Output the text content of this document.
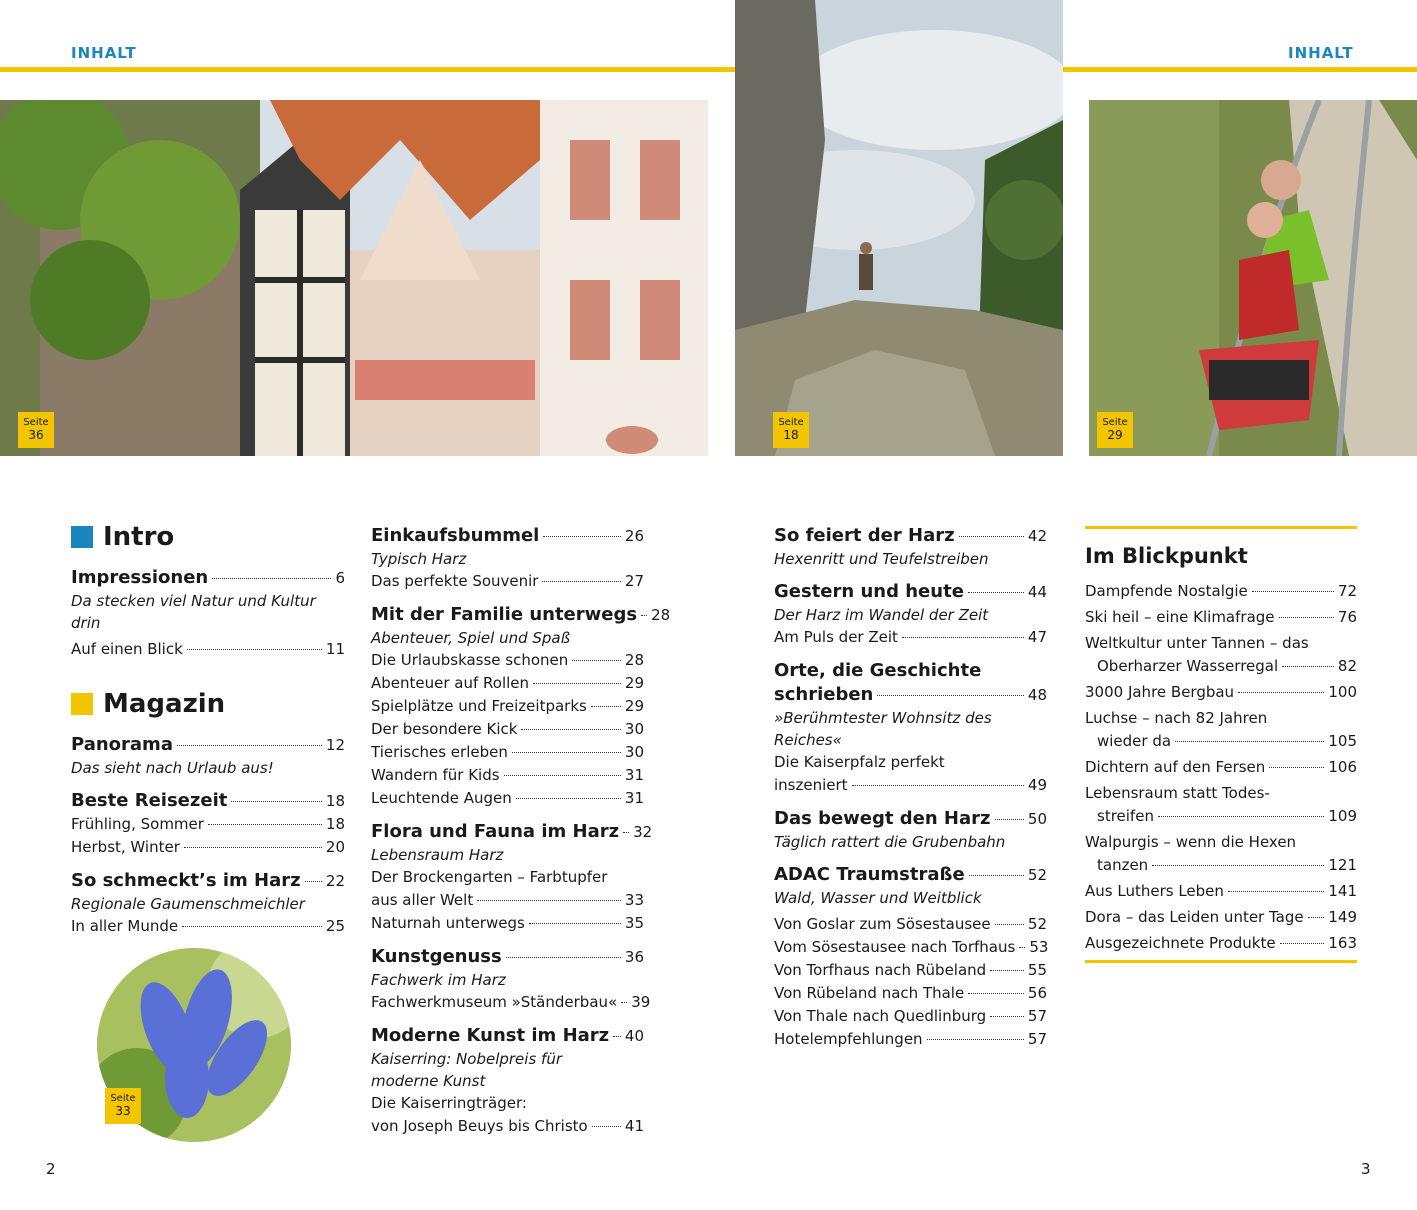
INHALT	INHALT
Seite
36
Seite
18
Seite
29
Intro
Impressionen	6
Da stecken viel Natur und Kultur drin
Auf einen Blick	11
Magazin
Panorama	12
Das sieht nach Urlaub aus!
Beste Reisezeit	18
Frühling, Sommer	18
Herbst, Winter	20
So schmeckt’s im Harz 22
Regionale Gaumenschmeichler
In aller Munde	25
Seite
33
Einkaufsbummel	26
Typisch Harz
Das perfekte Souvenir	27
Mit der Familie unterwegs 28
Abenteuer, Spiel und Spaß
Die Urlaubskasse schonen	28
Abenteuer auf Rollen	29
Spielplätze und Freizeitparks	29
Der besondere Kick	30
Tierisches erleben	30
Wandern für Kids	31
Leuchtende Augen	31
Flora und Fauna im Harz 32
Lebensraum Harz
Der Brockengarten – Farbtupfer
aus aller Welt	33
Naturnah unterwegs	35
Kunstgenuss	36
Fachwerk im Harz
Fachwerkmuseum »Ständerbau« 39
Moderne Kunst im Harz 40
Kaiserring: Nobelpreis für
moderne Kunst
Die Kaiserringträger:
von Joseph Beuys bis Christo 41
So feiert der Harz	42
Hexenritt und Teufelstreiben
Gestern und heute	44
Der Harz im Wandel der Zeit
Am Puls der Zeit	47
Orte, die Geschichte
schrieben	48
»Berühmtester Wohnsitz des Reiches«
Die Kaiserpfalz perfekt
inszeniert	49
Das bewegt den Harz 50
Täglich rattert die Grubenbahn
ADAC Traumstraße	52
Wald, Wasser und Weitblick
Von Goslar zum Sösestausee 52
Vom Sösestausee nach Torfhaus 53
Von Torfhaus nach Rübeland	55
Von Rübeland nach Thale	56
Von Thale nach Quedlinburg	57
Hotelempfehlungen	57
Im Blickpunkt
Dampfende Nostalgie	72
Ski heil – eine Klimafrage	76
Weltkultur unter Tannen – das
Oberharzer Wasserregal	82
3000 Jahre Bergbau	100
Luchse – nach 82 Jahren
wieder da	105
Dichtern auf den Fersen	106
Lebensraum statt Todes-
streifen	109
Walpurgis – wenn die Hexen
tanzen	121
Aus Luthers Leben	141
Dora – das Leiden unter Tage 149
Ausgezeichnete Produkte	163
2	3
